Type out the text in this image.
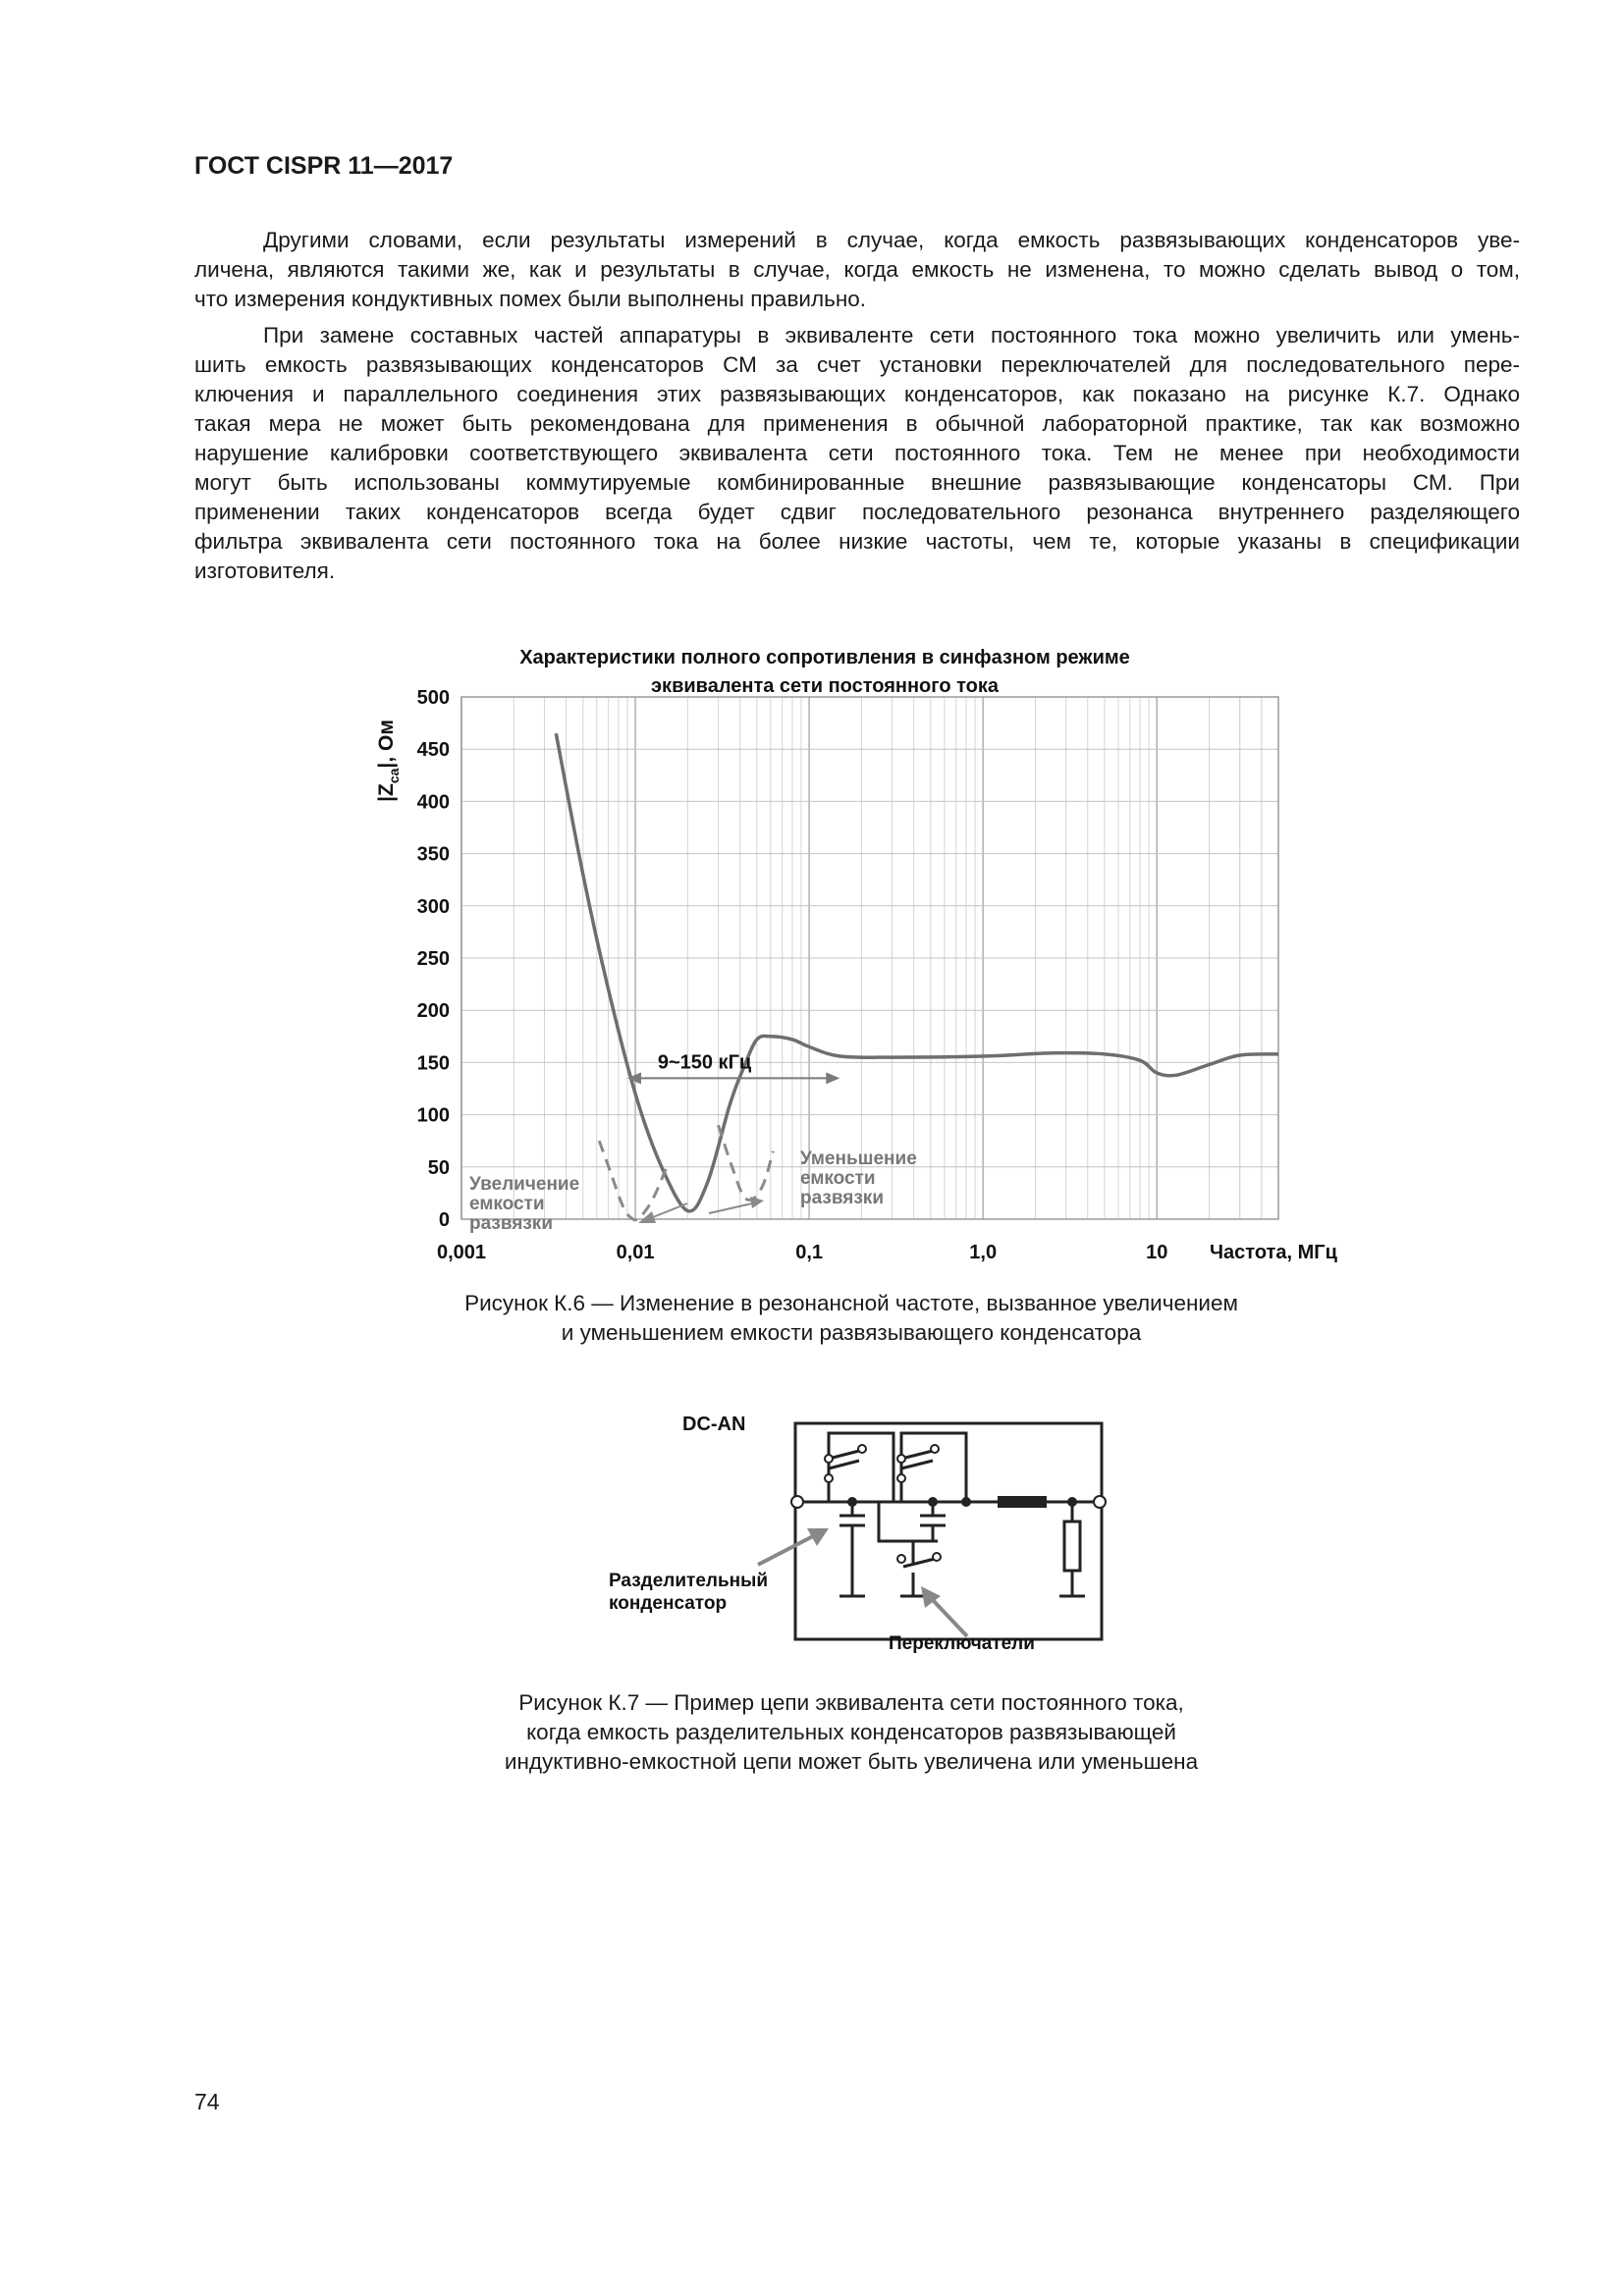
ГОСТ CISPR 11—2017
Другими словами, если результаты измерений в случае, когда емкость развязывающих конденсаторов уве-
личена, являются такими же, как и результаты в случае, когда емкость не изменена, то можно сделать вывод о том,
что измерения кондуктивных помех были выполнены правильно.
При замене составных частей аппаратуры в эквиваленте сети постоянного тока можно увеличить или умень-
шить емкость развязывающих конденсаторов СМ за счет установки переключателей для последовательного пере-
ключения и параллельного соединения этих развязывающих конденсаторов, как показано на рисунке К.7. Однако
такая мера не может быть рекомендована для применения в обычной лабораторной практике, так как возможно
нарушение калибровки соответствующего эквивалента сети постоянного тока. Тем не менее при необходимости
могут быть использованы коммутируемые комбинированные внешние развязывающие конденсаторы СМ. При
применении таких конденсаторов всегда будет сдвиг последовательного резонанса внутреннего разделяющего
фильтра эквивалента сети постоянного тока на более низкие частоты, чем те, которые указаны в спецификации
изготовителя.
Характеристики полного сопротивления в синфазном режиме
эквивалента сети постоянного тока
$|Z_{ca}|$, Ом
Частота, МГц
0
50
100
150
200
250
300
350
400
450
500
0,001	0,01	0,1	1,0	10
9~150 кГц
Увеличение
емкости
развязки
Уменьшение
емкости
развязки
Рисунок К.6 — Изменение в резонансной частоте, вызванное увеличением
и уменьшением емкости развязывающего конденсатора
DC-AN
Разделительный
конденсатор
Переключатели
Рисунок К.7 — Пример цепи эквивалента сети постоянного тока,
когда емкость разделительных конденсаторов развязывающей
индуктивно-емкостной цепи может быть увеличена или уменьшена
74
